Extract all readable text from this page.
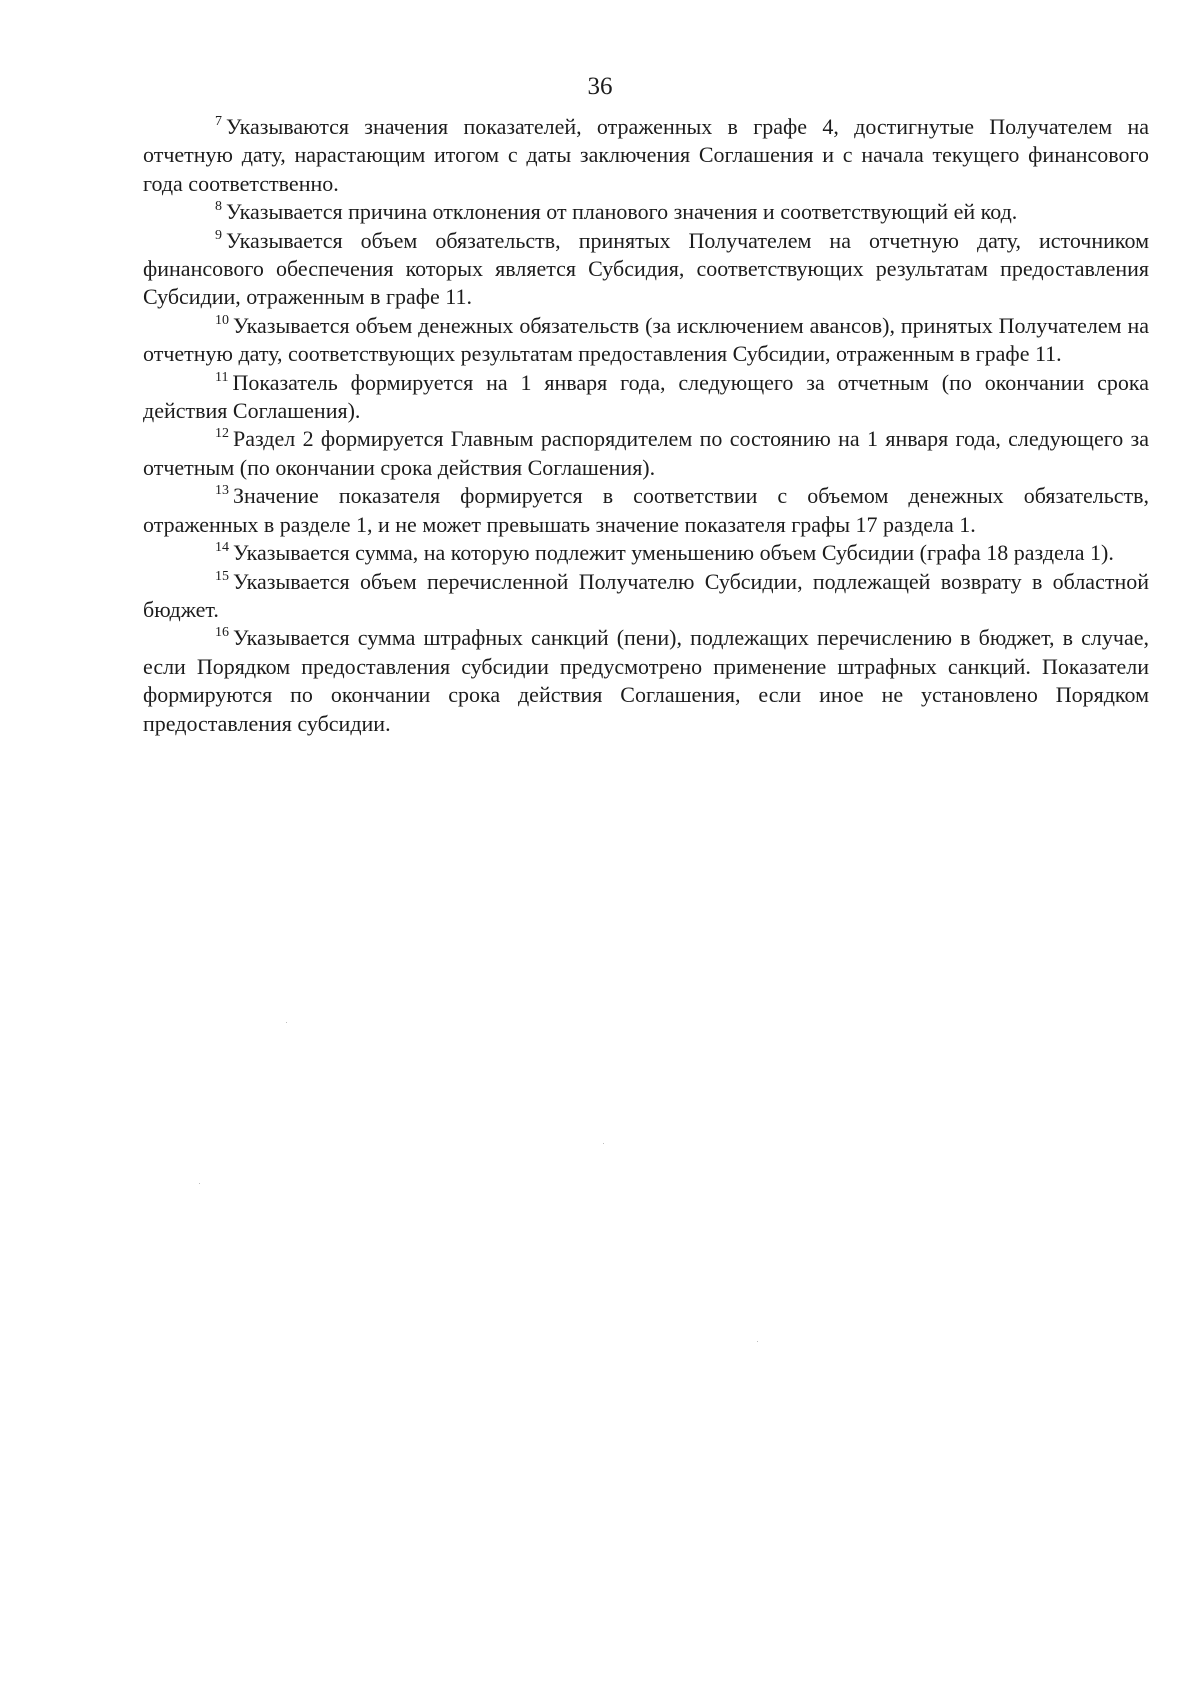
36

$^7$ Указываются значения показателей, отраженных в графе 4, достигнутые Получателем на отчетную дату, нарастающим итогом с даты заключения Соглашения и с начала текущего финансового года соответственно.

$^8$ Указывается причина отклонения от планового значения и соответствующий ей код.

$^9$ Указывается объем обязательств, принятых Получателем на отчетную дату, источником финансового обеспечения которых является Субсидия, соответствующих результатам предоставления Субсидии, отраженным в графе 11.

$^{10}$ Указывается объем денежных обязательств (за исключением авансов), принятых Получателем на отчетную дату, соответствующих результатам предоставления Субсидии, отраженным в графе 11.

$^{11}$ Показатель формируется на 1 января года, следующего за отчетным (по окончании срока действия Соглашения).

$^{12}$ Раздел 2 формируется Главным распорядителем по состоянию на 1 января года, следующего за отчетным (по окончании срока действия Соглашения).

$^{13}$ Значение показателя формируется в соответствии с объемом денежных обязательств, отраженных в разделе 1, и не может превышать значение показателя графы 17 раздела 1.

$^{14}$ Указывается сумма, на которую подлежит уменьшению объем Субсидии (графа 18 раздела 1).

$^{15}$ Указывается объем перечисленной Получателю Субсидии, подлежащей возврату в областной бюджет.

$^{16}$ Указывается сумма штрафных санкций (пени), подлежащих перечислению в бюджет, в случае, если Порядком предоставления субсидии предусмотрено применение штрафных санкций. Показатели формируются по окончании срока действия Соглашения, если иное не установлено Порядком предоставления субсидии.
